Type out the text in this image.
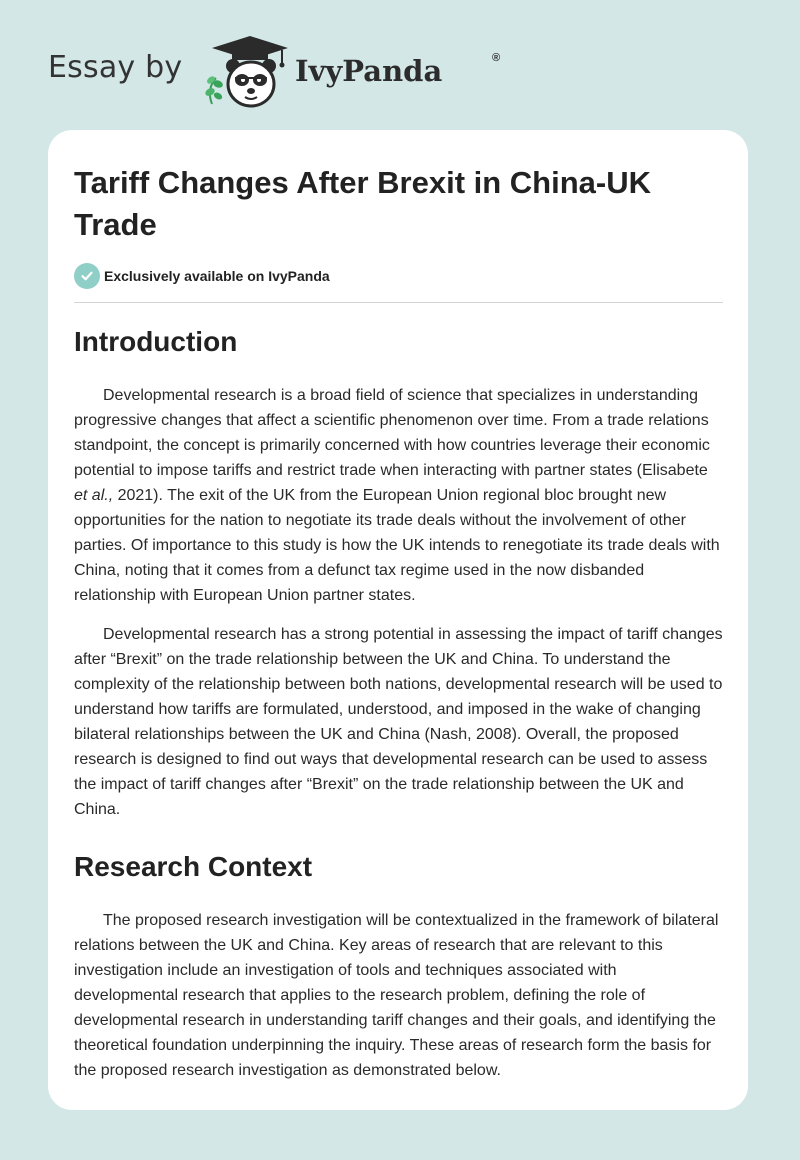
Essay by	IvyPanda	®
Tariff Changes After Brexit in China-UK Trade
Exclusively available on IvyPanda
Introduction

Developmental research is a broad field of science that specializes in understanding progressive changes that affect a scientific phenomenon over time. From a trade relations standpoint, the concept is primarily concerned with how countries leverage their economic potential to impose tariffs and restrict trade when interacting with partner states (Elisabete et al., 2021). The exit of the UK from the European Union regional bloc brought new opportunities for the nation to negotiate its trade deals without the involvement of other parties. Of importance to this study is how the UK intends to renegotiate its trade deals with China, noting that it comes from a defunct tax regime used in the now disbanded relationship with European Union partner states.

Developmental research has a strong potential in assessing the impact of tariff changes after “Brexit” on the trade relationship between the UK and China. To understand the complexity of the relationship between both nations, developmental research will be used to understand how tariffs are formulated, understood, and imposed in the wake of changing bilateral relationships between the UK and China (Nash, 2008). Overall, the proposed research is designed to find out ways that developmental research can be used to assess the impact of tariff changes after “Brexit” on the trade relationship between the UK and China.

Research Context

The proposed research investigation will be contextualized in the framework of bilateral relations between the UK and China. Key areas of research that are relevant to this investigation include an investigation of tools and techniques associated with developmental research that applies to the research problem, defining the role of developmental research in understanding tariff changes and their goals, and identifying the theoretical foundation underpinning the inquiry. These areas of research form the basis for the proposed research investigation as demonstrated below.
